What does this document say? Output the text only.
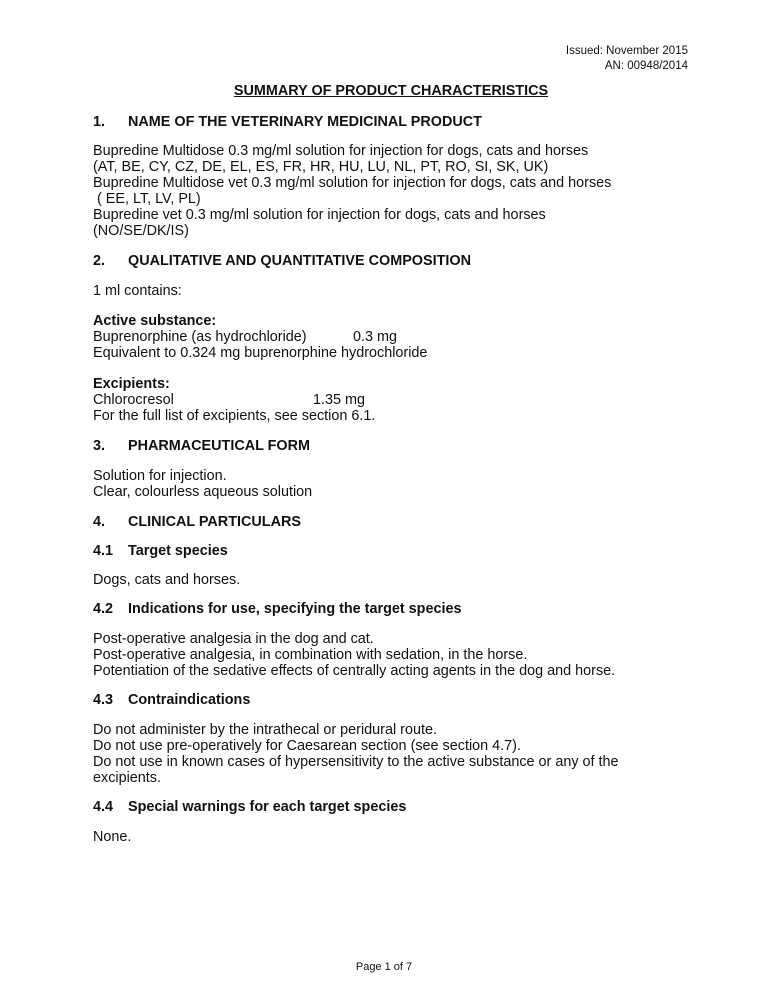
Issued: November 2015
AN: 00948/2014
SUMMARY OF PRODUCT CHARACTERISTICS
1. NAME OF THE VETERINARY MEDICINAL PRODUCT
Bupredine Multidose 0.3 mg/ml solution for injection for dogs, cats and horses
(AT, BE, CY, CZ, DE, EL, ES, FR, HR, HU, LU, NL, PT, RO, SI, SK, UK)
Bupredine Multidose vet 0.3 mg/ml solution for injection for dogs, cats and horses
( EE, LT, LV, PL)
Bupredine vet 0.3 mg/ml solution for injection for dogs, cats and horses
(NO/SE/DK/IS)
2. QUALITATIVE AND QUANTITATIVE COMPOSITION
1 ml contains:
Active substance:
Buprenorphine (as hydrochloride)	0.3 mg
Equivalent to 0.324 mg buprenorphine hydrochloride
Excipients:
Chlorocresol	1.35 mg
For the full list of excipients, see section 6.1.
3. PHARMACEUTICAL FORM
Solution for injection.
Clear, colourless aqueous solution
4. CLINICAL PARTICULARS
4.1 Target species
Dogs, cats and horses.
4.2 Indications for use, specifying the target species
Post-operative analgesia in the dog and cat.
Post-operative analgesia, in combination with sedation, in the horse.
Potentiation of the sedative effects of centrally acting agents in the dog and horse.
4.3 Contraindications
Do not administer by the intrathecal or peridural route.
Do not use pre-operatively for Caesarean section (see section 4.7).
Do not use in known cases of hypersensitivity to the active substance or any of the
excipients.
4.4 Special warnings for each target species
None.
Page 1 of 7
